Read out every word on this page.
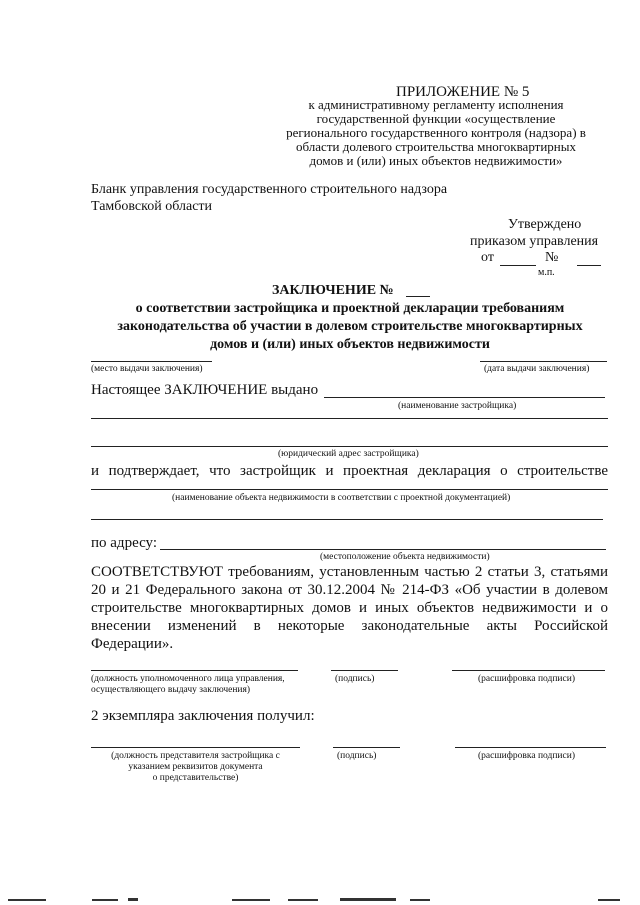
ПРИЛОЖЕНИЕ № 5
к административному регламенту исполнения
государственной функции «осуществление
регионального государственного контроля (надзора) в
области долевого строительства многоквартирных
домов и (или) иных объектов недвижимости»
Бланк управления государственного строительного надзора
Тамбовской области
Утверждено
приказом управления
от	№
м.п.
ЗАКЛЮЧЕНИЕ №
о соответствии застройщика и проектной декларации требованиям
законодательства об участии в долевом строительстве многоквартирных
домов и (или) иных объектов недвижимости
(место выдачи заключения)	(дата выдачи заключения)
Настоящее ЗАКЛЮЧЕНИЕ выдано
(наименование застройщика)
(юридический адрес застройщика)
и подтверждает, что застройщик и проектная декларация о строительстве
(наименование объекта недвижимости в соответствии с проектной документацией)
по адресу:
(местоположение объекта недвижимости)
СООТВЕТСТВУЮТ требованиям, установленным частью 2 статьи 3, статьями
20 и 21 Федерального закона от 30.12.2004 № 214-ФЗ «Об участии в долевом
строительстве многоквартирных домов и иных объектов недвижимости и о
внесении изменений в некоторые законодательные акты Российской
Федерации».
(должность уполномоченного лица управления,
осуществляющего выдачу заключения)
(подпись)	(расшифровка подписи)
2 экземпляра заключения получил:
(должность представителя застройщика с
указанием реквизитов документа
о представительстве)
(подпись)	(расшифровка подписи)
